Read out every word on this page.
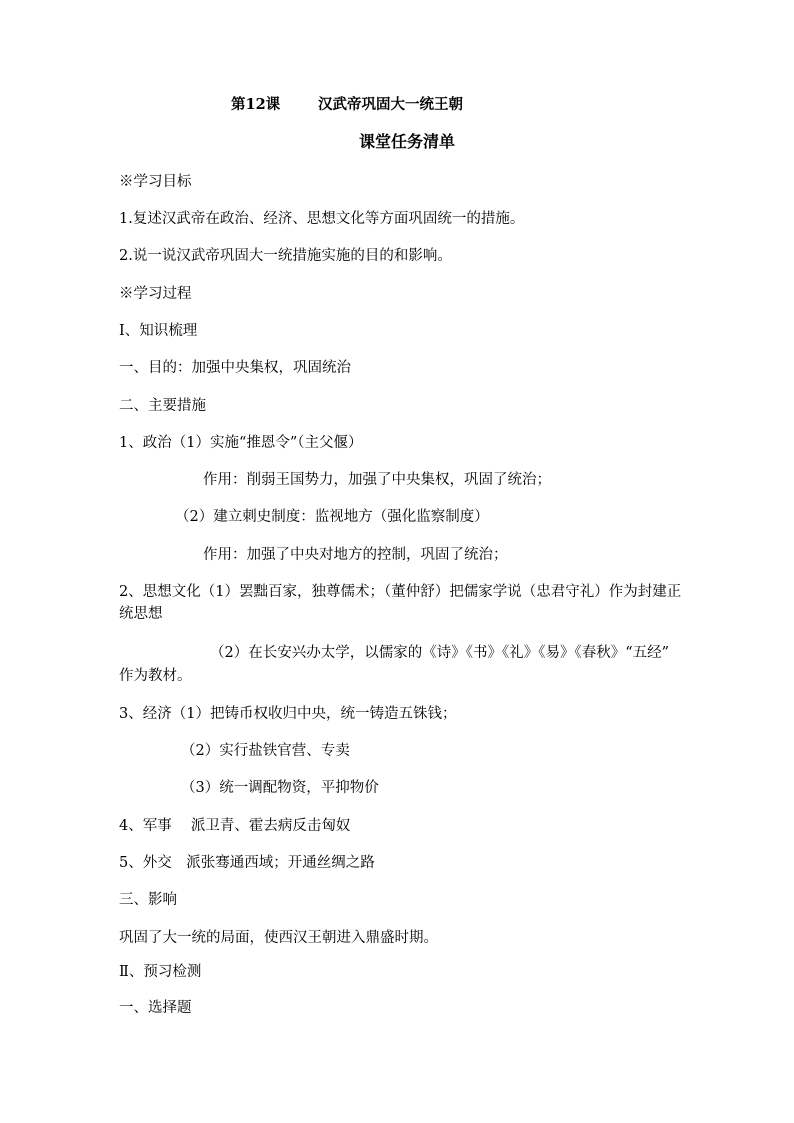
第12课	汉武帝巩固大一统王朝
课堂任务清单
※学习目标
1.复述汉武帝在政治、经济、思想文化等方面巩固统一的措施。
2.说一说汉武帝巩固大一统措施实施的目的和影响。
※学习过程
Ⅰ、知识梳理
一、目的：加强中央集权，巩固统治
二、主要措施
1、政治（1）实施“推恩令”（主父偃）
作用：削弱王国势力，加强了中央集权，巩固了统治；
（2）建立刺史制度：监视地方（强化监察制度）
作用：加强了中央对地方的控制，巩固了统治；
2、思想文化（1）罢黜百家，独尊儒术；（董仲舒）把儒家学说（忠君守礼）作为封建正
统思想
（2）在长安兴办太学，以儒家的《诗》《书》《礼》《易》《春秋》“五经”
作为教材。
3、经济（1）把铸币权收归中央，统一铸造五铢钱；
（2）实行盐铁官营、专卖
（3）统一调配物资，平抑物价
4、军事　 派卫青、霍去病反击匈奴
5、外交　派张骞通西域；开通丝绸之路
三、影响
巩固了大一统的局面，使西汉王朝进入鼎盛时期。
Ⅱ、预习检测
一、选择题
